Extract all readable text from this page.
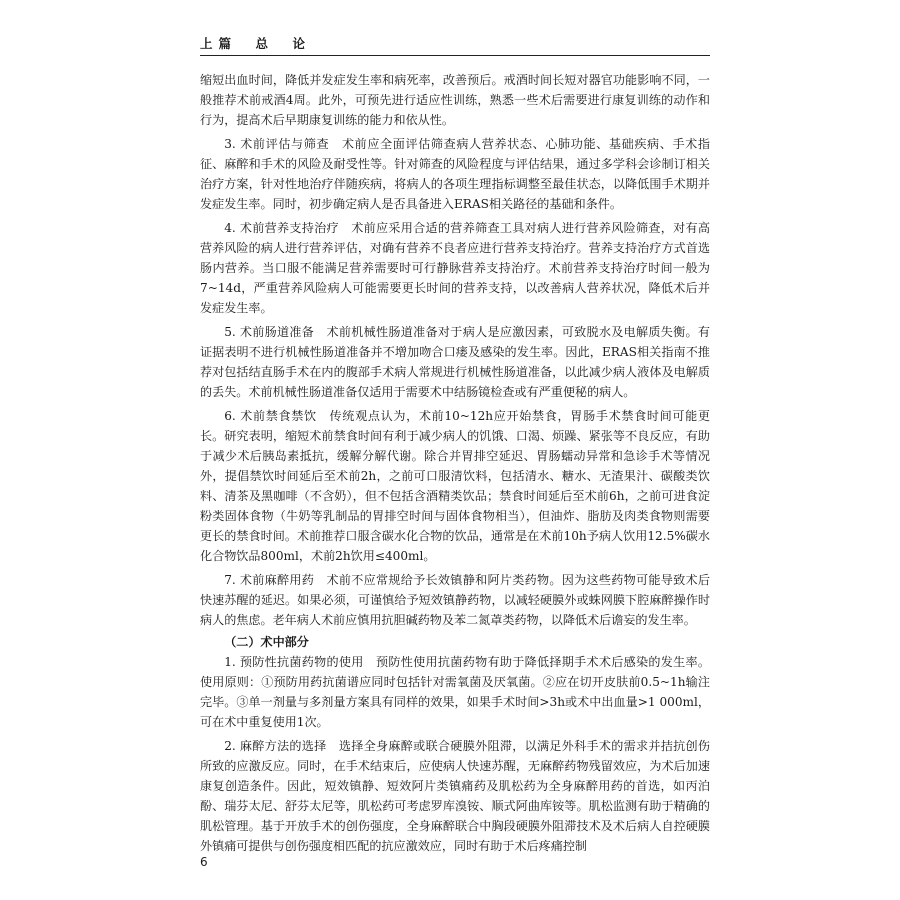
上篇　总　论

缩短出血时间，降低并发症发生率和病死率，改善预后。戒酒时间长短对器官功能影响不同，一般推荐术前戒酒4周。此外，可预先进行适应性训练，熟悉一些术后需要进行康复训练的动作和行为，提高术后早期康复训练的能力和依从性。

3. 术前评估与筛查　术前应全面评估筛查病人营养状态、心肺功能、基础疾病、手术指征、麻醉和手术的风险及耐受性等。针对筛查的风险程度与评估结果，通过多学科会诊制订相关治疗方案，针对性地治疗伴随疾病，将病人的各项生理指标调整至最佳状态，以降低围手术期并发症发生率。同时，初步确定病人是否具备进入ERAS相关路径的基础和条件。

4. 术前营养支持治疗　术前应采用合适的营养筛查工具对病人进行营养风险筛查，对有高营养风险的病人进行营养评估，对确有营养不良者应进行营养支持治疗。营养支持治疗方式首选肠内营养。当口服不能满足营养需要时可行静脉营养支持治疗。术前营养支持治疗时间一般为7~14d，严重营养风险病人可能需要更长时间的营养支持，以改善病人营养状况，降低术后并发症发生率。

5. 术前肠道准备　术前机械性肠道准备对于病人是应激因素，可致脱水及电解质失衡。有证据表明不进行机械性肠道准备并不增加吻合口瘘及感染的发生率。因此，ERAS相关指南不推荐对包括结直肠手术在内的腹部手术病人常规进行机械性肠道准备，以此减少病人液体及电解质的丢失。术前机械性肠道准备仅适用于需要术中结肠镜检查或有严重便秘的病人。

6. 术前禁食禁饮　传统观点认为，术前10~12h应开始禁食，胃肠手术禁食时间可能更长。研究表明，缩短术前禁食时间有利于减少病人的饥饿、口渴、烦躁、紧张等不良反应，有助于减少术后胰岛素抵抗，缓解分解代谢。除合并胃排空延迟、胃肠蠕动异常和急诊手术等情况外，提倡禁饮时间延后至术前2h，之前可口服清饮料，包括清水、糖水、无渣果汁、碳酸类饮料、清茶及黑咖啡（不含奶），但不包括含酒精类饮品；禁食时间延后至术前6h，之前可进食淀粉类固体食物（牛奶等乳制品的胃排空时间与固体食物相当），但油炸、脂肪及肉类食物则需要更长的禁食时间。术前推荐口服含碳水化合物的饮品，通常是在术前10h予病人饮用12.5%碳水化合物饮品800ml，术前2h饮用≤400ml。

7. 术前麻醉用药　术前不应常规给予长效镇静和阿片类药物。因为这些药物可能导致术后快速苏醒的延迟。如果必须，可谨慎给予短效镇静药物，以减轻硬膜外或蛛网膜下腔麻醉操作时病人的焦虑。老年病人术前应慎用抗胆碱药物及苯二氮䓬类药物，以降低术后谵妄的发生率。

（二）术中部分

1. 预防性抗菌药物的使用　预防性使用抗菌药物有助于降低择期手术术后感染的发生率。使用原则：①预防用药抗菌谱应同时包括针对需氧菌及厌氧菌。②应在切开皮肤前0.5~1h输注完毕。③单一剂量与多剂量方案具有同样的效果，如果手术时间>3h或术中出血量>1 000ml，可在术中重复使用1次。

2. 麻醉方法的选择　选择全身麻醉或联合硬膜外阻滞，以满足外科手术的需求并拮抗创伤所致的应激反应。同时，在手术结束后，应使病人快速苏醒，无麻醉药物残留效应，为术后加速康复创造条件。因此，短效镇静、短效阿片类镇痛药及肌松药为全身麻醉用药的首选，如丙泊酚、瑞芬太尼、舒芬太尼等，肌松药可考虑罗库溴铵、顺式阿曲库铵等。肌松监测有助于精确的肌松管理。基于开放手术的创伤强度，全身麻醉联合中胸段硬膜外阻滞技术及术后病人自控硬膜外镇痛可提供与创伤强度相匹配的抗应激效应，同时有助于术后疼痛控制

6
